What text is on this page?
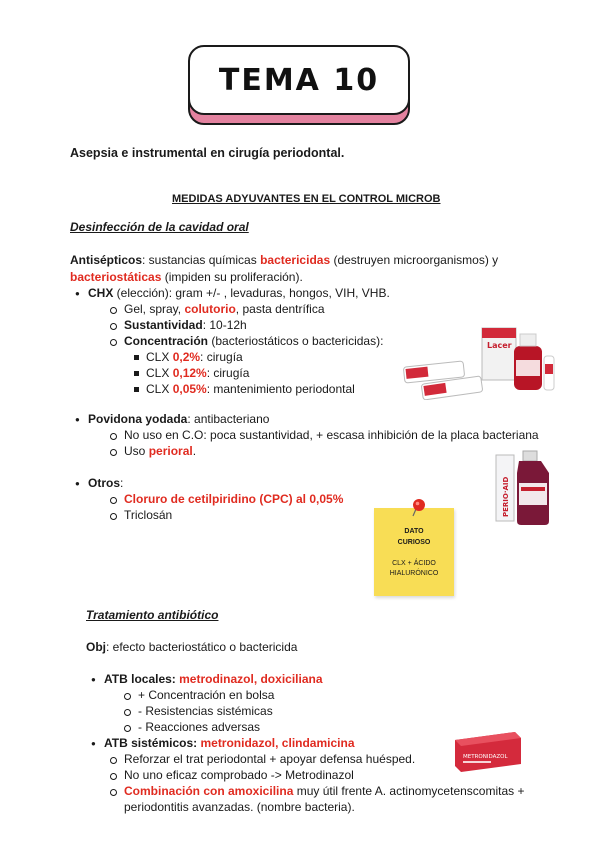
TEMA 10
Asepsia e instrumental en cirugía periodontal.
MEDIDAS ADYUVANTES EN EL CONTROL MICROB
Desinfección de la cavidad oral
Antisépticos: sustancias químicas bactericidas (destruyen microorganismos) y
bacteriostáticas (impiden su proliferación).
● CHX (elección): gram +/- , levaduras, hongos, VIH, VHB.
Gel, spray, colutorio, pasta dentrífica
Sustantividad: 10-12h
Concentración (bacteriostáticos o bactericidas):
CLX 0,2%: cirugía
CLX 0,12%: cirugía
CLX 0,05%: mantenimiento periodontal
Lacer
● Povidona yodada: antibacteriano
No uso en C.O: poca sustantividad, + escasa inhibición de la placa bacteriana
Uso perioral.
PERIO·AID
● Otros:
Cloruro de cetilpiridino (CPC) al 0,05%
Triclosán
DATO
CURIOSO
CLX + ÁCIDO
HIALURÓNICO
Tratamiento antibiótico
Obj: efecto bacteriostático o bactericida
● ATB locales: metrodinazol, doxiciliana
+ Concentración en bolsa
- Resistencias sistémicas
- Reacciones adversas
● ATB sistémicos: metronidazol, clindamicina
Reforzar el trat periodontal + apoyar defensa huésped.
No uno eficaz comprobado -> Metrodinazol
Combinación con amoxicilina muy útil frente A. actinomycetenscomitas +
periodontitis avanzadas. (nombre bacteria).
METRONIDAZOL
